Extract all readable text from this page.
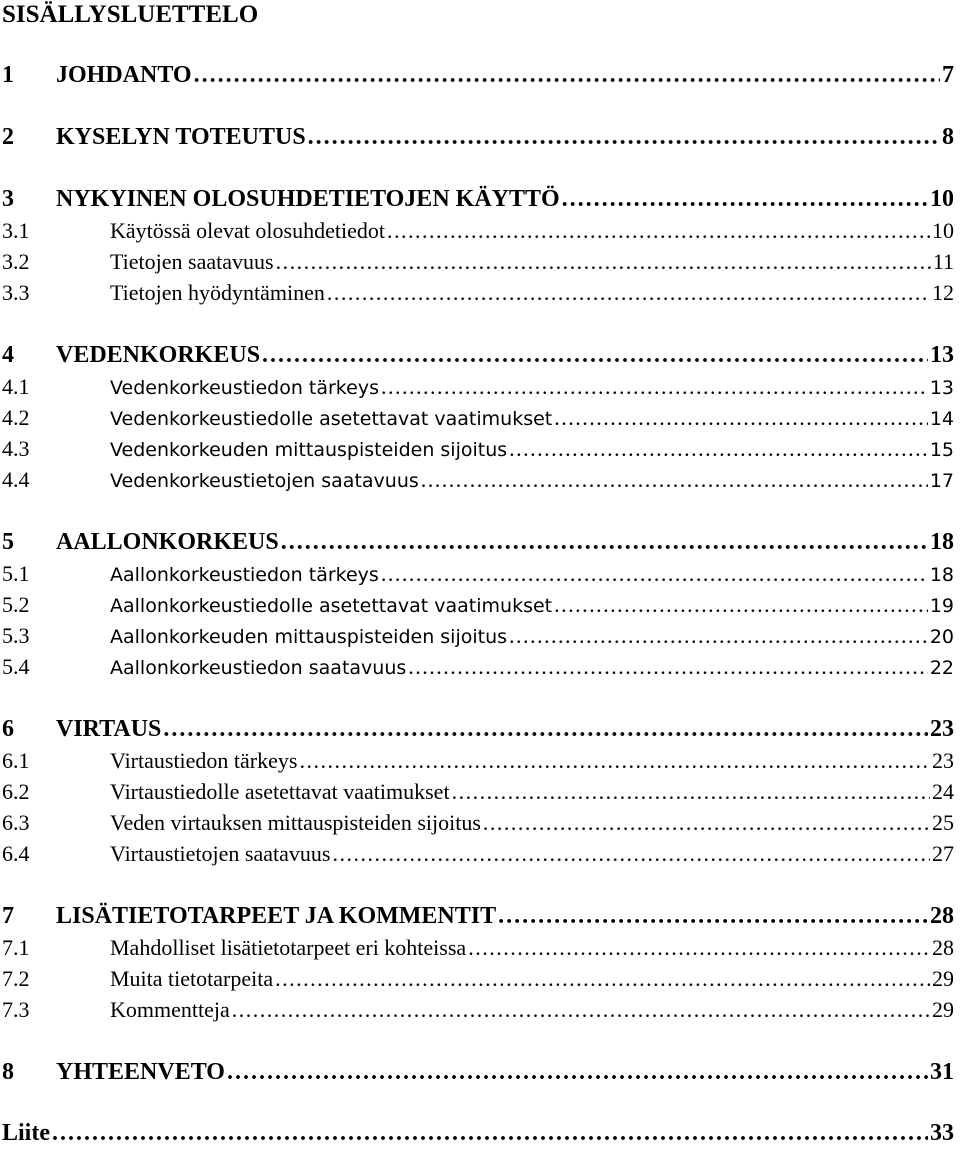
SISÄLLYSLUETTELO
1	JOHDANTO . . .	7
2	KYSELYN TOTEUTUS . . .	8
3	NYKYINEN OLOSUHDETIETOJEN KÄYTTÖ . . .	10
3.1	Käytössä olevat olosuhdetiedot . . .	10
3.2	Tietojen saatavuus . . .	11
3.3	Tietojen hyödyntäminen . . .	12
4	VEDENKORKEUS . . .	13
4.1	Vedenkorkeustiedon tärkeys . . .	13
4.2	Vedenkorkeustiedolle asetettavat vaatimukset . . .	14
4.3	Vedenkorkeuden mittauspisteiden sijoitus . . .	15
4.4	Vedenkorkeustietojen saatavuus . . .	17
5	AALLONKORKEUS . . .	18
5.1	Aallonkorkeustiedon tärkeys . . .	18
5.2	Aallonkorkeustiedolle asetettavat vaatimukset . . .	19
5.3	Aallonkorkeuden mittauspisteiden sijoitus . . .	20
5.4	Aallonkorkeustiedon saatavuus . . .	22
6	VIRTAUS . . .	23
6.1	Virtaustiedon tärkeys . . .	23
6.2	Virtaustiedolle asetettavat vaatimukset . . .	24
6.3	Veden virtauksen mittauspisteiden sijoitus . . .	25
6.4	Virtaustietojen saatavuus . . .	27
7	LISÄTIETOTARPEET JA KOMMENTIT . . .	28
7.1	Mahdolliset lisätietotarpeet eri kohteissa . . .	28
7.2	Muita tietotarpeita . . .	29
7.3	Kommentteja . . .	29
8	YHTEENVETO . . .	31
Liite . . .	33
